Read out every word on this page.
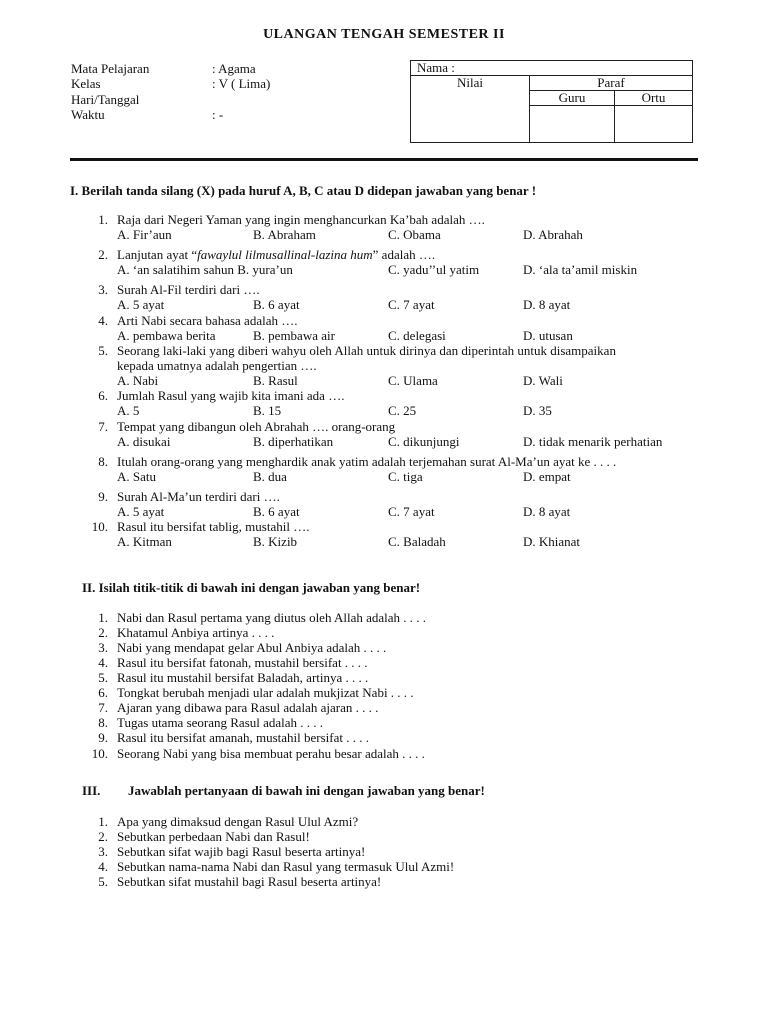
ULANGAN TENGAH SEMESTER II
Mata Pelajaran	: Agama
Kelas	: V ( Lima)
Hari/Tanggal
Waktu	: -
Nama :		
Nilai	Paraf	
	Guru	Ortu

I. Berilah tanda silang (X) pada huruf A, B, C atau D didepan jawaban yang benar !
1. Raja dari Negeri Yaman yang ingin menghancurkan Ka’bah adalah ….
A. Fir’aun	B. Abraham	C. Obama	D. Abrahah
2. Lanjutan ayat “fawaylul lilmusallinal-lazina hum” adalah ….
A. ‘an salatihim sahun B. yura’un	C. yadu’’ul yatim	D. ‘ala ta’amil miskin
3. Surah Al-Fil terdiri dari ….
A. 5 ayat	B. 6 ayat	C. 7 ayat	D. 8 ayat
4. Arti Nabi secara bahasa adalah ….
A. pembawa berita	B. pembawa air	C. delegasi	D. utusan
5. Seorang laki-laki yang diberi wahyu oleh Allah untuk dirinya dan diperintah untuk disampaikan
kepada umatnya adalah pengertian ….
A. Nabi	B. Rasul	C. Ulama	D. Wali
6. Jumlah Rasul yang wajib kita imani ada ….
A. 5	B. 15	C. 25	D. 35
7. Tempat yang dibangun oleh Abrahah …. orang-orang
A. disukai	B. diperhatikan	C. dikunjungi	D. tidak menarik perhatian
8. Itulah orang-orang yang menghardik anak yatim adalah terjemahan surat Al-Ma’un ayat ke . . . .
A. Satu	B. dua	C. tiga	D. empat
9. Surah Al-Ma’un terdiri dari ….
A. 5 ayat	B. 6 ayat	C. 7 ayat	D. 8 ayat
10. Rasul itu bersifat tablig, mustahil ….
A. Kitman	B. Kizib	C. Baladah	D. Khianat
II. Isilah titik-titik di bawah ini dengan jawaban yang benar!
1. Nabi dan Rasul pertama yang diutus oleh Allah adalah . . . .
2. Khatamul Anbiya artinya . . . .
3. Nabi yang mendapat gelar Abul Anbiya adalah . . . .
4. Rasul itu bersifat fatonah, mustahil bersifat . . . .
5. Rasul itu mustahil bersifat Baladah, artinya . . . .
6. Tongkat berubah menjadi ular adalah mukjizat Nabi . . . .
7. Ajaran yang dibawa para Rasul adalah ajaran . . . .
8. Tugas utama seorang Rasul adalah . . . .
9. Rasul itu bersifat amanah, mustahil bersifat . . . .
10. Seorang Nabi yang bisa membuat perahu besar adalah . . . .
III. Jawablah pertanyaan di bawah ini dengan jawaban yang benar!
1. Apa yang dimaksud dengan Rasul Ulul Azmi?
2. Sebutkan perbedaan Nabi dan Rasul!
3. Sebutkan sifat wajib bagi Rasul beserta artinya!
4. Sebutkan nama-nama Nabi dan Rasul yang termasuk Ulul Azmi!
5. Sebutkan sifat mustahil bagi Rasul beserta artinya!
